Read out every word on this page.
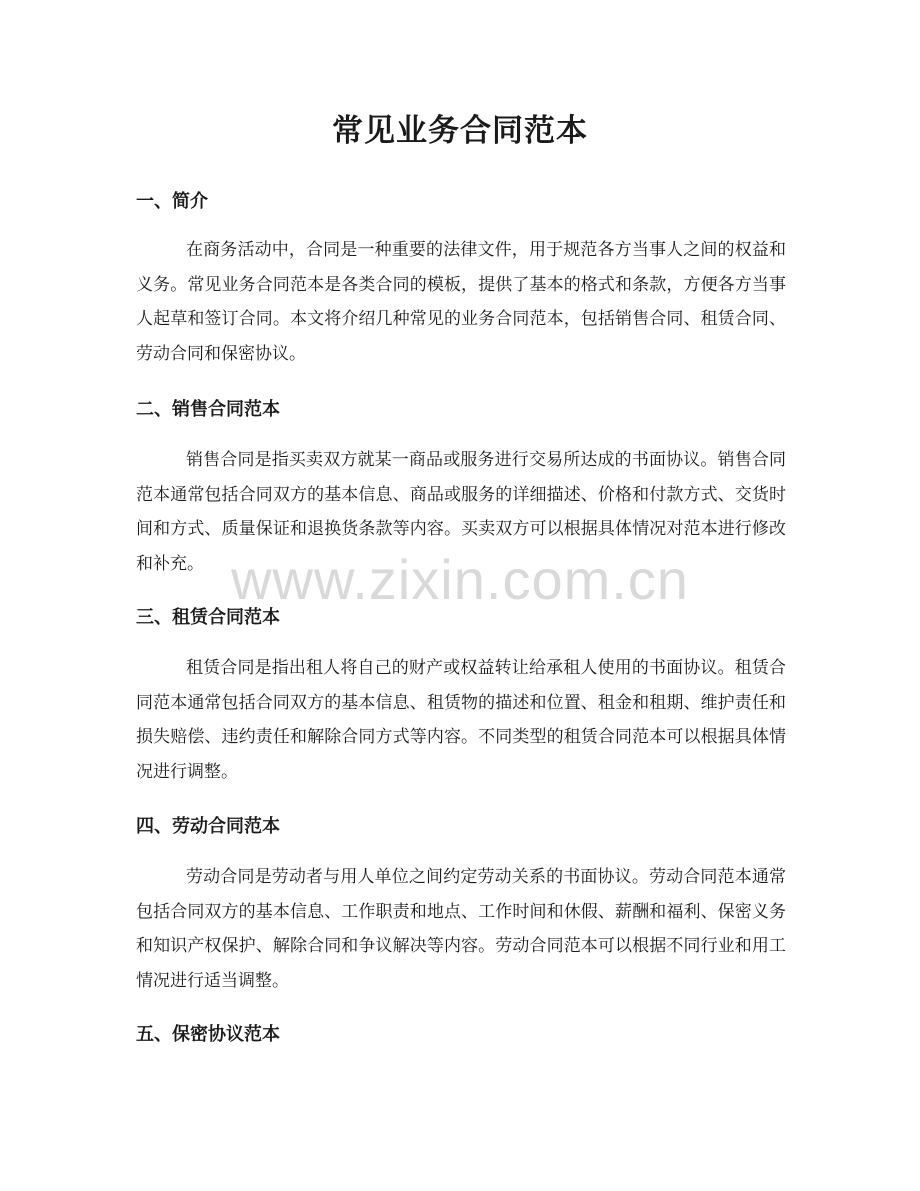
常见业务合同范本
一、简介

在商务活动中，合同是一种重要的法律文件，用于规范各方当事人之间的权益和义务。常见业务合同范本是各类合同的模板，提供了基本的格式和条款，方便各方当事人起草和签订合同。本文将介绍几种常见的业务合同范本，包括销售合同、租赁合同、劳动合同和保密协议。

二、销售合同范本

销售合同是指买卖双方就某一商品或服务进行交易所达成的书面协议。销售合同范本通常包括合同双方的基本信息、商品或服务的详细描述、价格和付款方式、交货时间和方式、质量保证和退换货条款等内容。买卖双方可以根据具体情况对范本进行修改和补充。

三、租赁合同范本

租赁合同是指出租人将自己的财产或权益转让给承租人使用的书面协议。租赁合同范本通常包括合同双方的基本信息、租赁物的描述和位置、租金和租期、维护责任和损失赔偿、违约责任和解除合同方式等内容。不同类型的租赁合同范本可以根据具体情况进行调整。

四、劳动合同范本

劳动合同是劳动者与用人单位之间约定劳动关系的书面协议。劳动合同范本通常包括合同双方的基本信息、工作职责和地点、工作时间和休假、薪酬和福利、保密义务和知识产权保护、解除合同和争议解决等内容。劳动合同范本可以根据不同行业和用工情况进行适当调整。

五、保密协议范本
www.zixin.com.cn
